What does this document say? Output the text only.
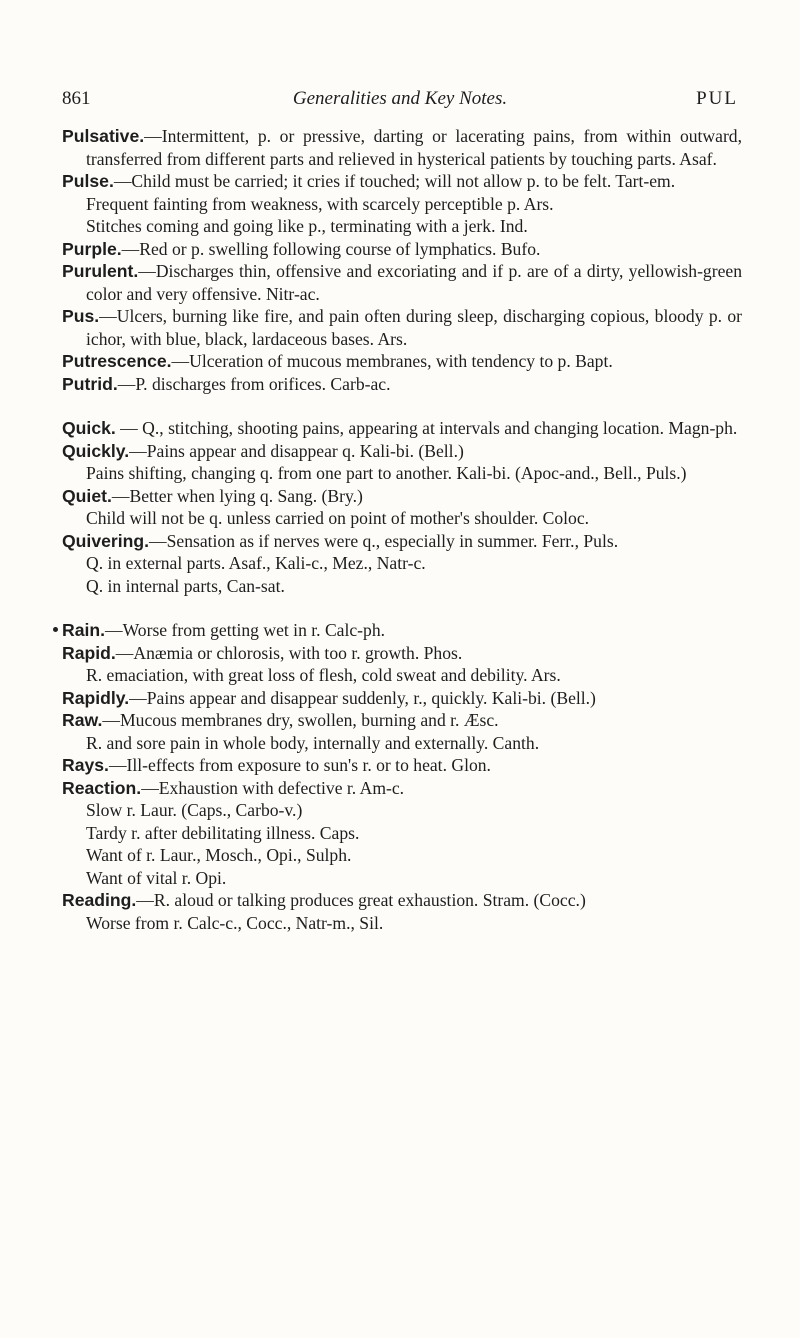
861	Generalities and Key Notes.	PUL
Pulsative.—Intermittent, p. or pressive, darting or lacerating pains, from within outward, transferred from different parts and relieved in hysterical patients by touching parts. Asaf.
Pulse.—Child must be carried; it cries if touched; will not allow p. to be felt. Tart-em.
Frequent fainting from weakness, with scarcely perceptible p. Ars.
Stitches coming and going like p., terminating with a jerk. Ind.
Purple.—Red or p. swelling following course of lymphatics. Bufo.
Purulent.—Discharges thin, offensive and excoriating and if p. are of a dirty, yellowish-green color and very offensive. Nitr-ac.
Pus.—Ulcers, burning like fire, and pain often during sleep, discharging copious, bloody p. or ichor, with blue, black, lardaceous bases. Ars.
Putrescence.—Ulceration of mucous membranes, with tendency to p. Bapt.
Putrid.—P. discharges from orifices. Carb-ac.
Quick. — Q., stitching, shooting pains, appearing at intervals and changing location. Magn-ph.
Quickly.—Pains appear and disappear q. Kali-bi. (Bell.)
Pains shifting, changing q. from one part to another. Kali-bi. (Apoc-and., Bell., Puls.)
Quiet.—Better when lying q. Sang. (Bry.)
Child will not be q. unless carried on point of mother's shoulder. Coloc.
Quivering.—Sensation as if nerves were q., especially in summer. Ferr., Puls.
Q. in external parts. Asaf., Kali-c., Mez., Natr-c.
Q. in internal parts, Can-sat.
Rain.—Worse from getting wet in r. Calc-ph.
Rapid.—Anæmia or chlorosis, with too r. growth. Phos.
R. emaciation, with great loss of flesh, cold sweat and debility. Ars.
Rapidly.—Pains appear and disappear suddenly, r., quickly. Kali-bi. (Bell.)
Raw.—Mucous membranes dry, swollen, burning and r. Æsc.
R. and sore pain in whole body, internally and externally. Canth.
Rays.—Ill-effects from exposure to sun's r. or to heat. Glon.
Reaction.—Exhaustion with defective r. Am-c.
Slow r. Laur. (Caps., Carbo-v.)
Tardy r. after debilitating illness. Caps.
Want of r. Laur., Mosch., Opi., Sulph.
Want of vital r. Opi.
Reading.—R. aloud or talking produces great exhaustion. Stram. (Cocc.)
Worse from r. Calc-c., Cocc., Natr-m., Sil.
